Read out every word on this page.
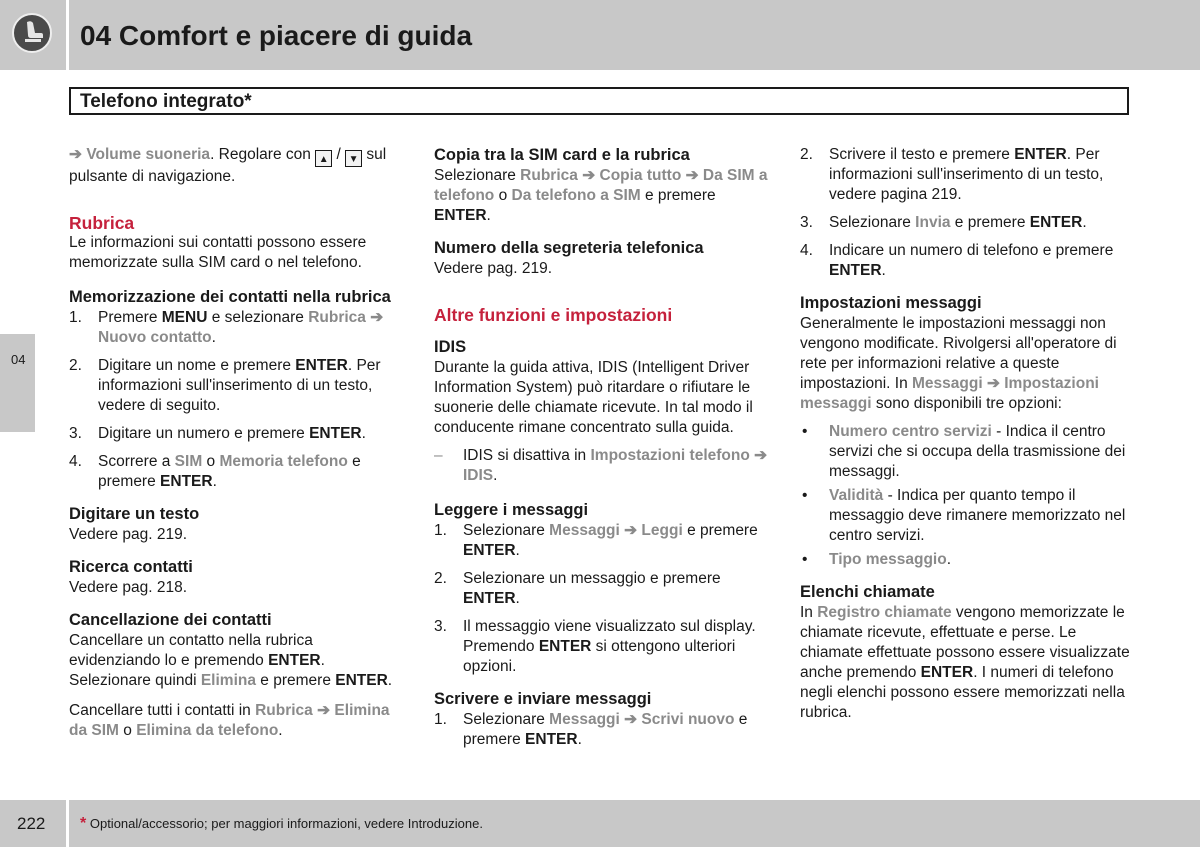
04 Comfort e piacere di guida
Telefono integrato*
04

➔ Volume suoneria. Regolare con ▲ / ▼ sul pulsante di navigazione.

Rubrica

Le informazioni sui contatti possono essere memorizzate sulla SIM card o nel telefono.

Memorizzazione dei contatti nella rubrica
1. Premere MENU e selezionare Rubrica ➔ Nuovo contatto.
2. Digitare un nome e premere ENTER. Per informazioni sull'inserimento di un testo, vedere di seguito.
3. Digitare un numero e premere ENTER.
4. Scorrere a SIM o Memoria telefono e premere ENTER.
Digitare un testo

Vedere pag. 219.

Ricerca contatti

Vedere pag. 218.

Cancellazione dei contatti

Cancellare un contatto nella rubrica evidenziando lo e premendo ENTER. Selezionare quindi Elimina e premere ENTER.

Cancellare tutti i contatti in Rubrica ➔ Elimina da SIM o Elimina da telefono.

Copia tra la SIM card e la rubrica

Selezionare Rubrica ➔ Copia tutto ➔ Da SIM a telefono o Da telefono a SIM e premere ENTER.

Numero della segreteria telefonica

Vedere pag. 219.

Altre funzioni e impostazioni
IDIS

Durante la guida attiva, IDIS (Intelligent Driver Information System) può ritardare o rifiutare le suonerie delle chiamate ricevute. In tal modo il conducente rimane concentrato sulla guida.

– IDIS si disattiva in Impostazioni telefono ➔ IDIS.
Leggere i messaggi
1. Selezionare Messaggi ➔ Leggi e premere ENTER.
2. Selezionare un messaggio e premere ENTER.
3. Il messaggio viene visualizzato sul display. Premendo ENTER si ottengono ulteriori opzioni.
Scrivere e inviare messaggi
1. Selezionare Messaggi ➔ Scrivi nuovo e premere ENTER.
2. Scrivere il testo e premere ENTER. Per informazioni sull'inserimento di un testo, vedere pagina 219.
3. Selezionare Invia e premere ENTER.
4. Indicare un numero di telefono e premere ENTER.
Impostazioni messaggi

Generalmente le impostazioni messaggi non vengono modificate. Rivolgersi all'operatore di rete per informazioni relative a queste impostazioni. In Messaggi ➔ Impostazioni messaggi sono disponibili tre opzioni:

• Numero centro servizi - Indica il centro servizi che si occupa della trasmissione dei messaggi.
• Validità - Indica per quanto tempo il messaggio deve rimanere memorizzato nel centro servizi.
• Tipo messaggio.
Elenchi chiamate

In Registro chiamate vengono memorizzate le chiamate ricevute, effettuate e perse. Le chiamate effettuate possono essere visualizzate anche premendo ENTER. I numeri di telefono negli elenchi possono essere memorizzati nella rubrica.

222 * Optional/accessorio; per maggiori informazioni, vedere Introduzione.
